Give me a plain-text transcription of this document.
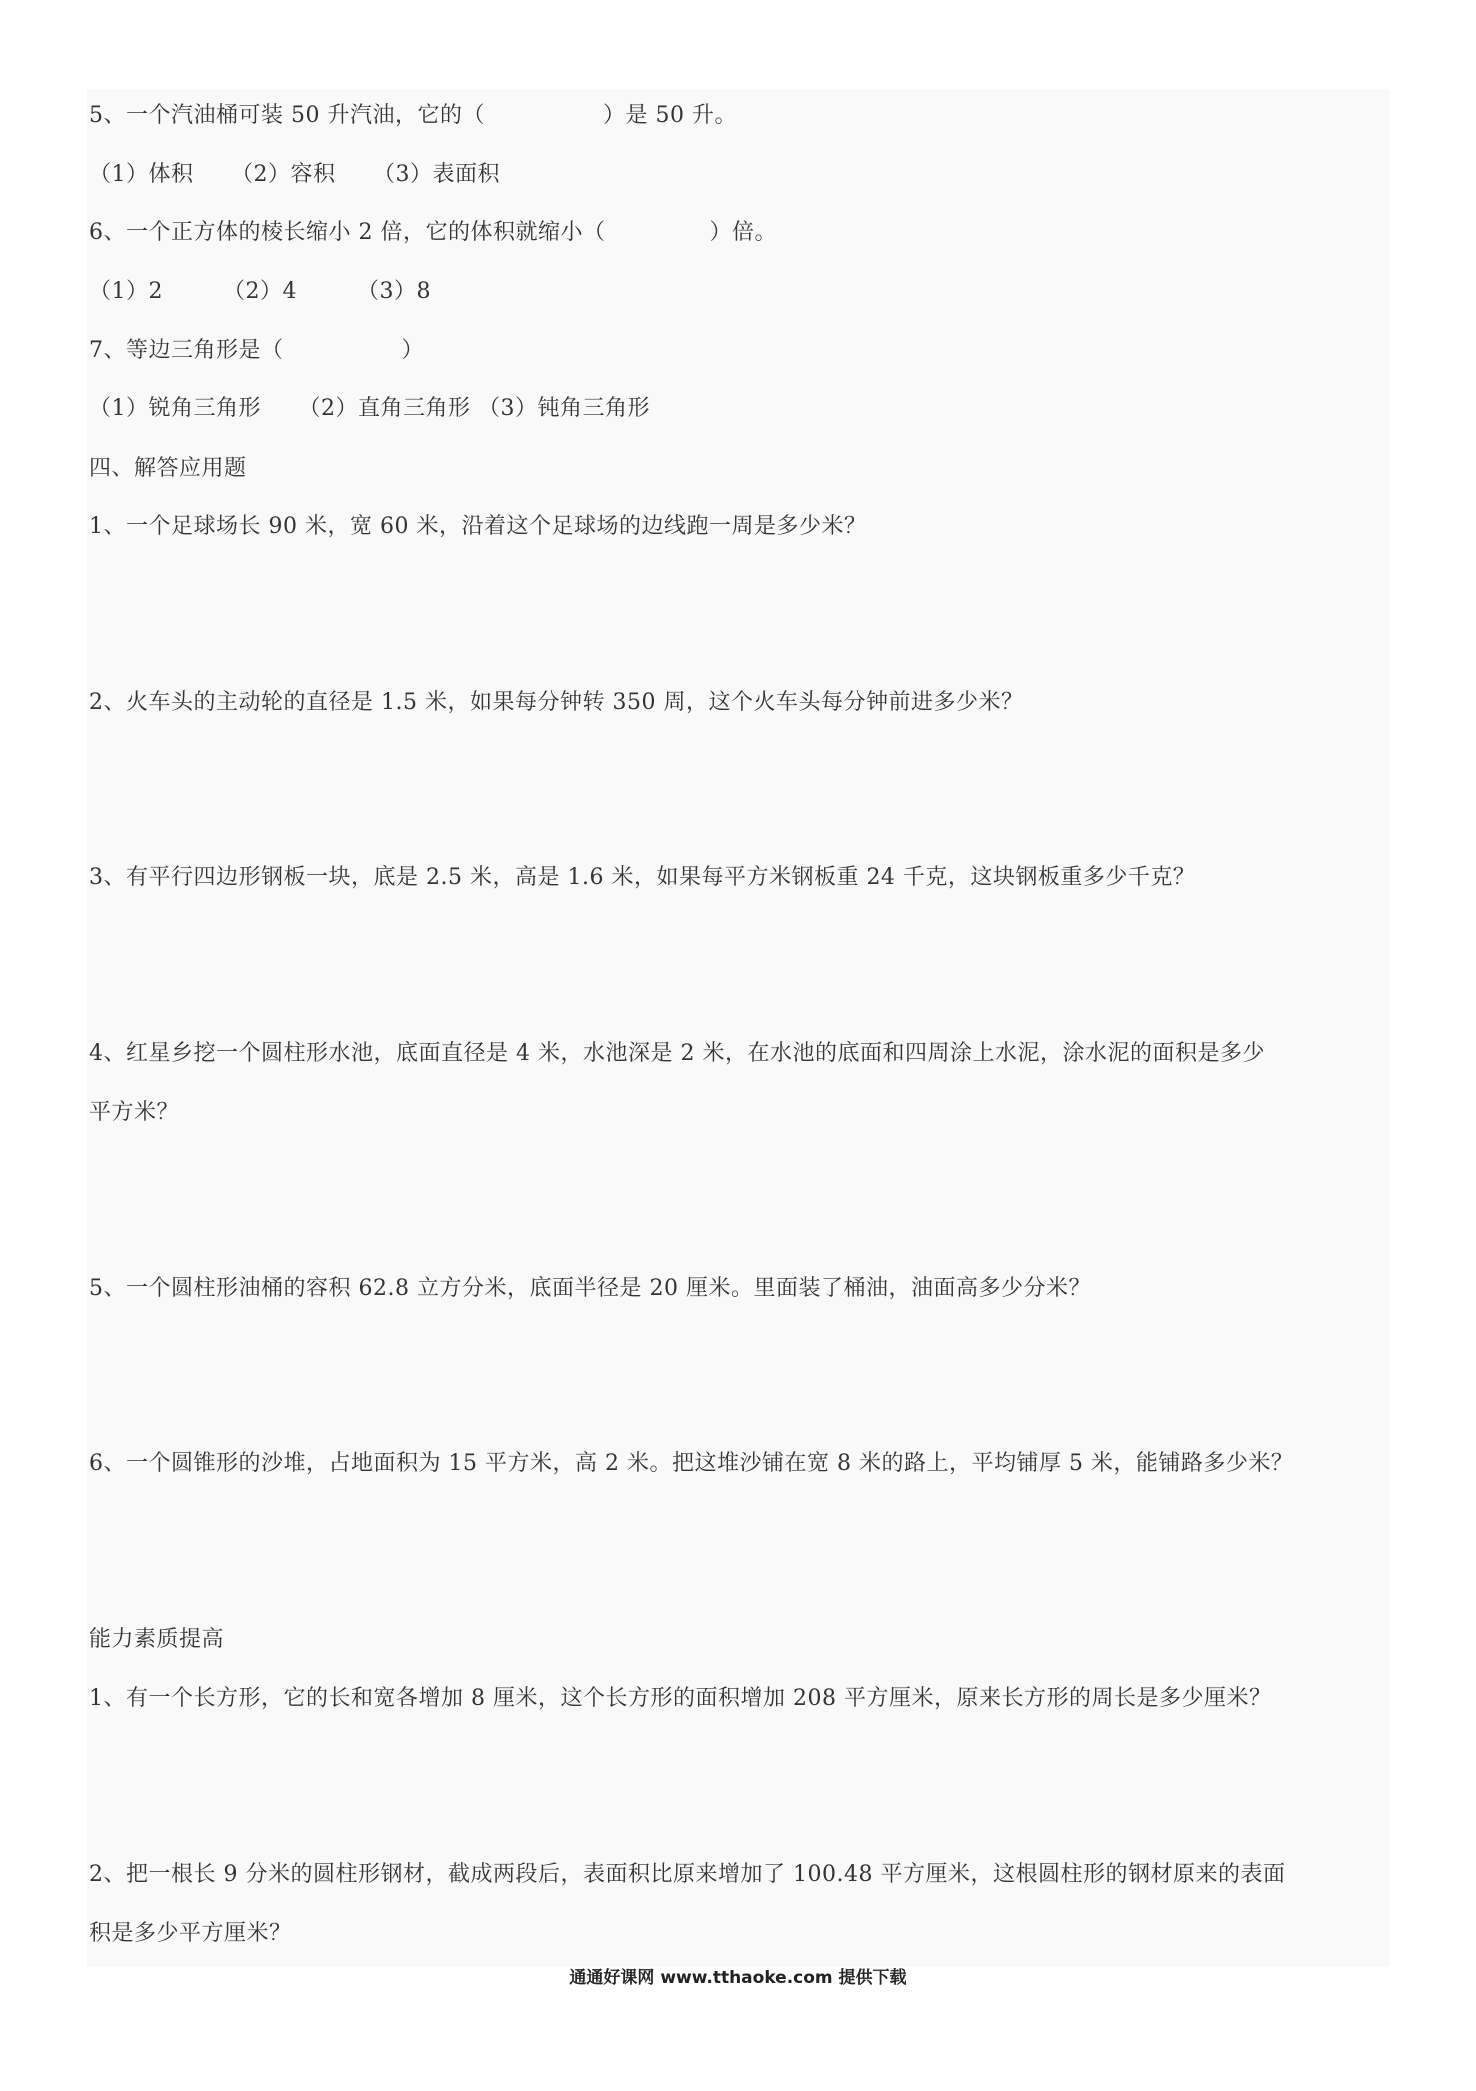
5、一个汽油桶可装 50 升汽油，它的（	）是 50 升。
（1）体积 　 （2）容积 　 （3）表面积
6、一个正方体的棱长缩小 2 倍，它的体积就缩小（	）倍。
（1）2 　　 （2）4 　　 （3）8
7、等边三角形是（	）
（1）锐角三角形 　 （2）直角三角形 （3）钝角三角形
四、解答应用题
1、一个足球场长 90 米，宽 60 米，沿着这个足球场的边线跑一周是多少米？
2、火车头的主动轮的直径是 1.5 米，如果每分钟转 350 周，这个火车头每分钟前进多少米？
3、有平行四边形钢板一块，底是 2.5 米，高是 1.6 米，如果每平方米钢板重 24 千克，这块钢板重多少千克？
4、红星乡挖一个圆柱形水池，底面直径是 4 米，水池深是 2 米，在水池的底面和四周涂上水泥，涂水泥的面积是多少
平方米？
5、一个圆柱形油桶的容积 62.8 立方分米，底面半径是 20 厘米。里面装了桶油，油面高多少分米？
6、一个圆锥形的沙堆，占地面积为 15 平方米，高 2 米。把这堆沙铺在宽 8 米的路上，平均铺厚 5 米，能铺路多少米？
能力素质提高
1、有一个长方形，它的长和宽各增加 8 厘米，这个长方形的面积增加 208 平方厘米，原来长方形的周长是多少厘米？
2、把一根长 9 分米的圆柱形钢材，截成两段后，表面积比原来增加了 100.48 平方厘米，这根圆柱形的钢材原来的表面
积是多少平方厘米？
通通好课网 www.tthaoke.com 提供下载
